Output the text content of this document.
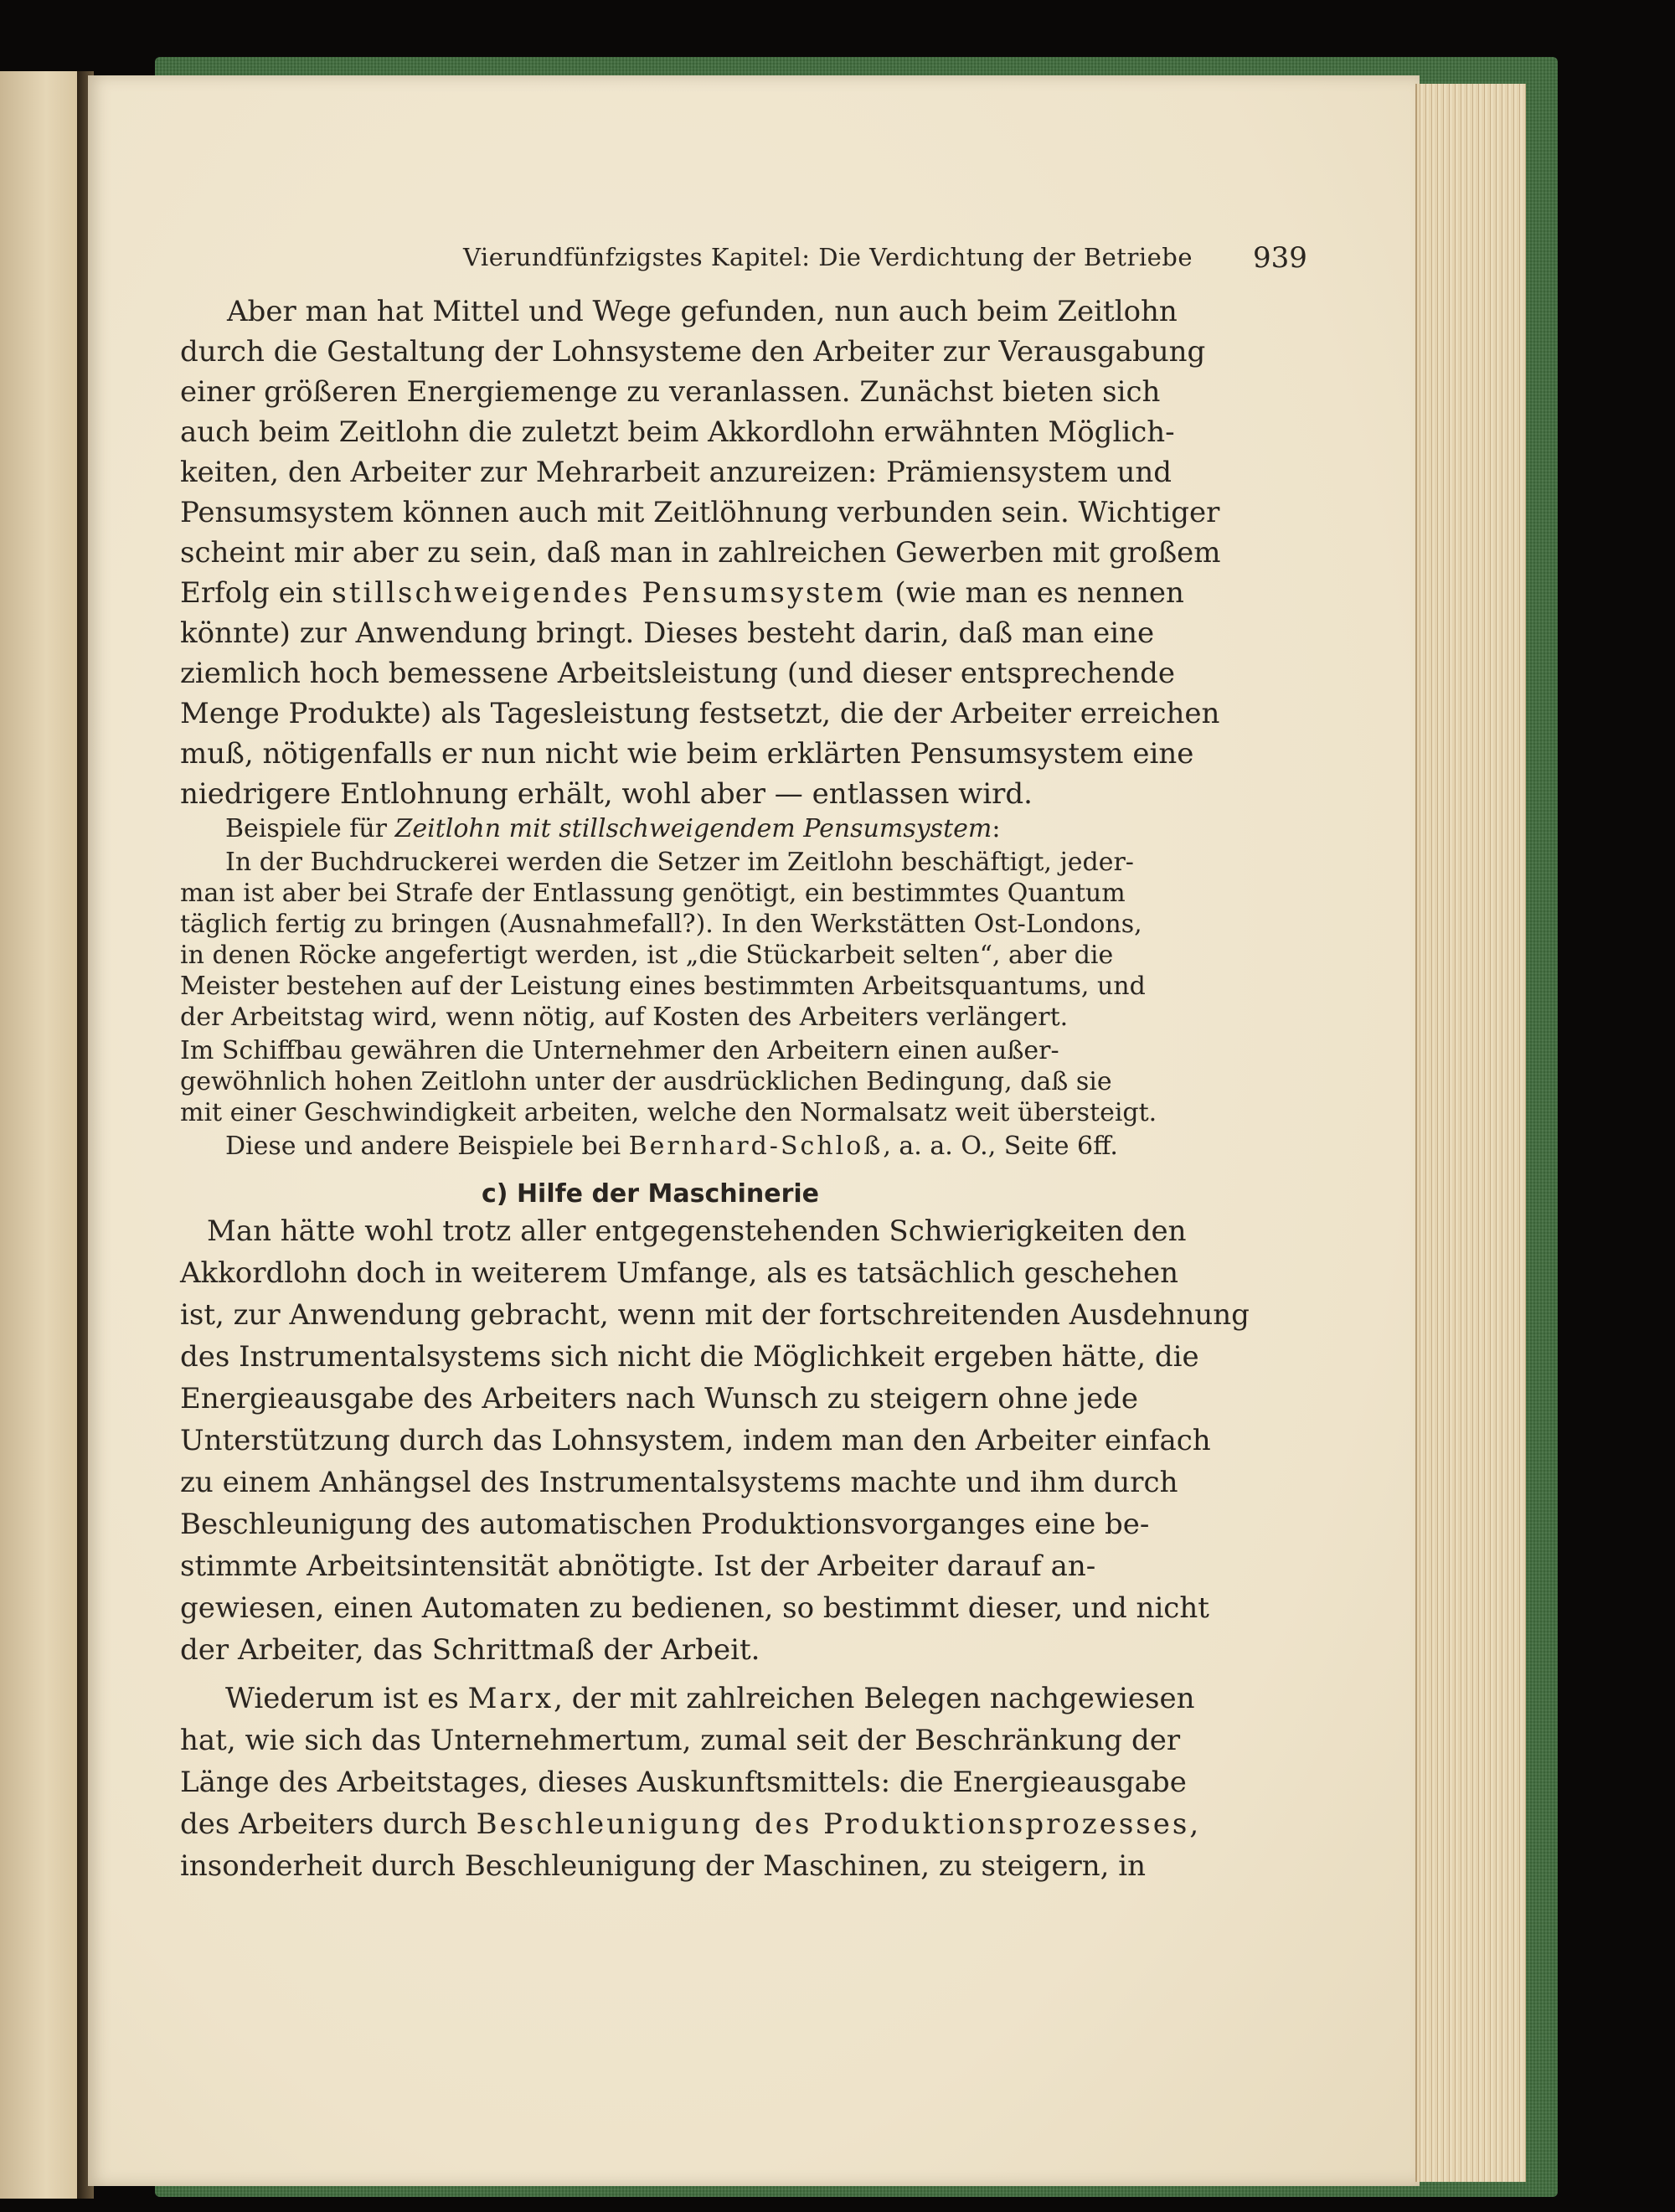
Vierundfünfzigstes Kapitel: Die Verdichtung der Betriebe	939
Aber man hat Mittel und Wege gefunden, nun auch beim Zeitlohn
durch die Gestaltung der Lohnsysteme den Arbeiter zur Verausgabung
einer größeren Energiemenge zu veranlassen. Zunächst bieten sich
auch beim Zeitlohn die zuletzt beim Akkordlohn erwähnten Möglich-
keiten, den Arbeiter zur Mehrarbeit anzureizen: Prämiensystem und
Pensumsystem können auch mit Zeitlöhnung verbunden sein. Wichtiger
scheint mir aber zu sein, daß man in zahlreichen Gewerben mit großem
Erfolg ein stillschweigendes Pensumsystem (wie man es nennen
könnte) zur Anwendung bringt. Dieses besteht darin, daß man eine
ziemlich hoch bemessene Arbeitsleistung (und dieser entsprechende
Menge Produkte) als Tagesleistung festsetzt, die der Arbeiter erreichen
muß, nötigenfalls er nun nicht wie beim erklärten Pensumsystem eine
niedrigere Entlohnung erhält, wohl aber — entlassen wird.
Beispiele für Zeitlohn mit stillschweigendem Pensumsystem:
In der Buchdruckerei werden die Setzer im Zeitlohn beschäftigt, jeder-
man ist aber bei Strafe der Entlassung genötigt, ein bestimmtes Quantum
täglich fertig zu bringen (Ausnahmefall?). In den Werkstätten Ost-Londons,
in denen Röcke angefertigt werden, ist „die Stückarbeit selten“, aber die
Meister bestehen auf der Leistung eines bestimmten Arbeitsquantums, und
der Arbeitstag wird, wenn nötig, auf Kosten des Arbeiters verlängert.
Im Schiffbau gewähren die Unternehmer den Arbeitern einen außer-
gewöhnlich hohen Zeitlohn unter der ausdrücklichen Bedingung, daß sie
mit einer Geschwindigkeit arbeiten, welche den Normalsatz weit übersteigt.
Diese und andere Beispiele bei Bernhard-Schloß, a. a. O., Seite 6ff.
c) Hilfe der Maschinerie
Man hätte wohl trotz aller entgegenstehenden Schwierigkeiten den
Akkordlohn doch in weiterem Umfange, als es tatsächlich geschehen
ist, zur Anwendung gebracht, wenn mit der fortschreitenden Ausdehnung
des Instrumentalsystems sich nicht die Möglichkeit ergeben hätte, die
Energieausgabe des Arbeiters nach Wunsch zu steigern ohne jede
Unterstützung durch das Lohnsystem, indem man den Arbeiter einfach
zu einem Anhängsel des Instrumentalsystems machte und ihm durch
Beschleunigung des automatischen Produktionsvorganges eine be-
stimmte Arbeitsintensität abnötigte. Ist der Arbeiter darauf an-
gewiesen, einen Automaten zu bedienen, so bestimmt dieser, und nicht
der Arbeiter, das Schrittmaß der Arbeit.
Wiederum ist es Marx, der mit zahlreichen Belegen nachgewiesen
hat, wie sich das Unternehmertum, zumal seit der Beschränkung der
Länge des Arbeitstages, dieses Auskunftsmittels: die Energieausgabe
des Arbeiters durch Beschleunigung des Produktionsprozesses,
insonderheit durch Beschleunigung der Maschinen, zu steigern, in
